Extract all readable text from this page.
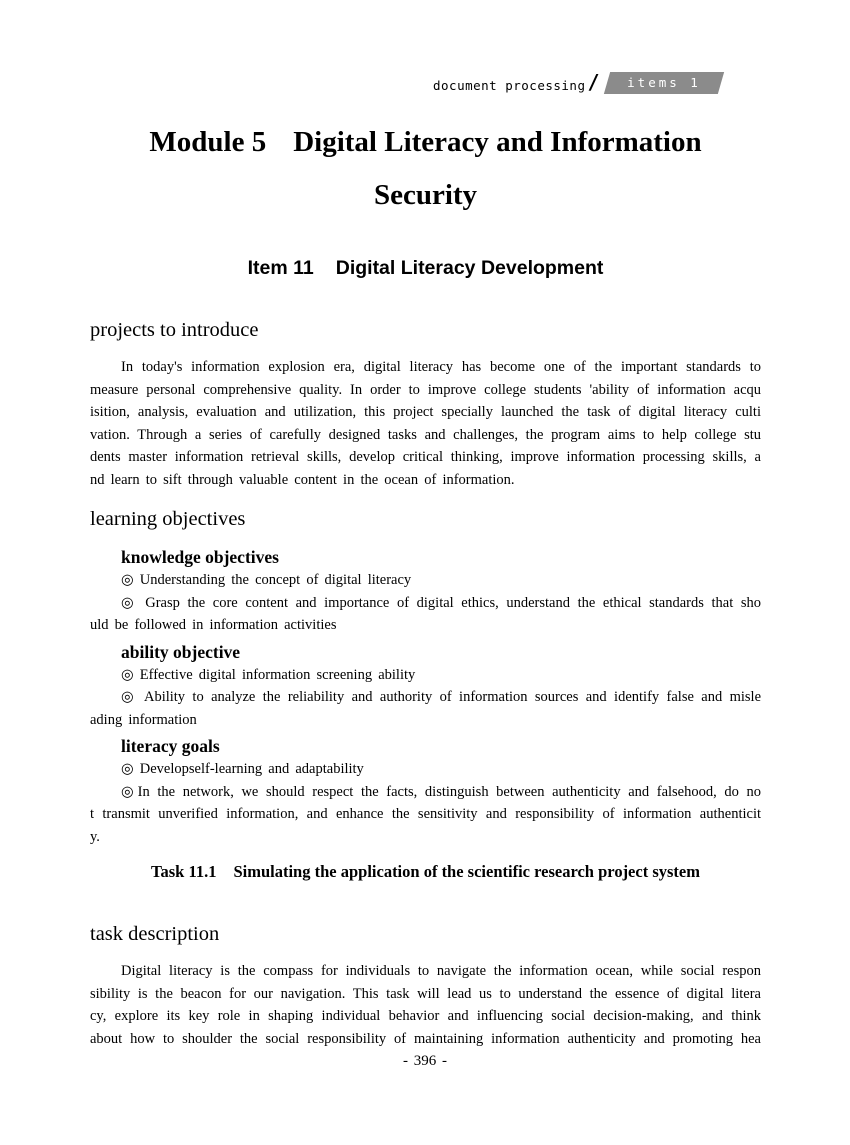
document processing /	items 1
Module 5 Digital Literacy and Information
Security
Item 11 Digital Literacy Development
projects to introduce
In today's information explosion era, digital literacy has become one of the important standards to
measure personal comprehensive quality. In order to improve college students 'ability of information acqu
isition, analysis, evaluation and utilization, this project specially launched the task of digital literacy culti
vation. Through a series of carefully designed tasks and challenges, the program aims to help college stu
dents master information retrieval skills, develop critical thinking, improve information processing skills, a
nd learn to sift through valuable content in the ocean of information.
learning objectives
knowledge objectives
◎ Understanding the concept of digital literacy
◎ Grasp the core content and importance of digital ethics, understand the ethical standards that sho
uld be followed in information activities
ability objective
◎ Effective digital information screening ability
◎ Ability to analyze the reliability and authority of information sources and identify false and misle
ading information
literacy goals
◎ Developself-learning and adaptability
◎In the network, we should respect the facts, distinguish between authenticity and falsehood, do no
t transmit unverified information, and enhance the sensitivity and responsibility of information authenticit
y.
Task 11.1 Simulating the application of the scientific research project system
task description
Digital literacy is the compass for individuals to navigate the information ocean, while social respon
sibility is the beacon for our navigation. This task will lead us to understand the essence of digital litera
cy, explore its key role in shaping individual behavior and influencing social decision-making, and think
about how to shoulder the social responsibility of maintaining information authenticity and promoting hea
- 396 -
